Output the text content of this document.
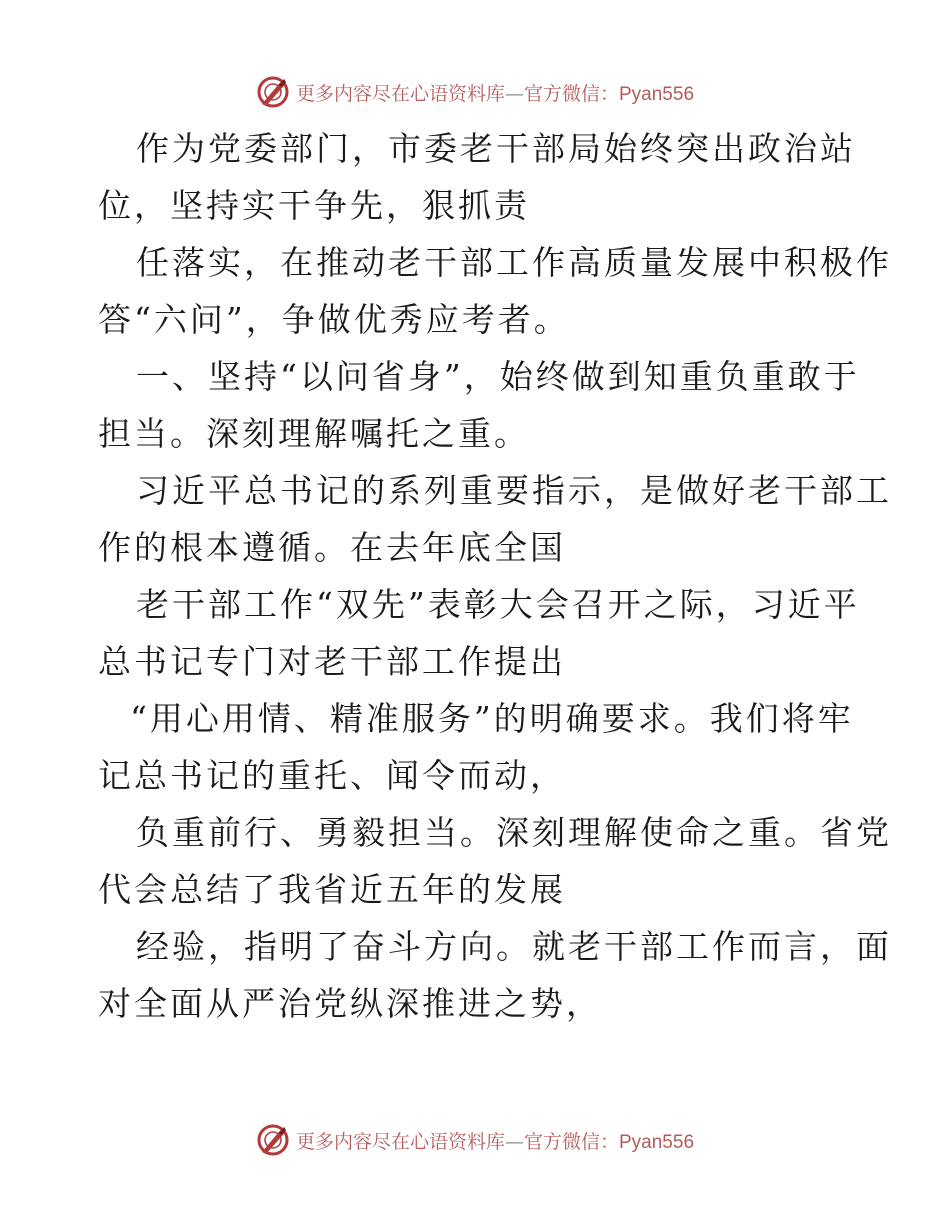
更多内容尽在心语资料库—官方微信：Pyan556
作为党委部门，市委老干部局始终突出政治站
位，坚持实干争先，狠抓责
任落实，在推动老干部工作高质量发展中积极作
答“六问”，争做优秀应考者。
一、坚持“以问省身”，始终做到知重负重敢于
担当。深刻理解嘱托之重。
习近平总书记的系列重要指示，是做好老干部工
作的根本遵循。在去年底全国
老干部工作“双先”表彰大会召开之际，习近平
总书记专门对老干部工作提出
“用心用情、精准服务”的明确要求。我们将牢
记总书记的重托、闻令而动，
负重前行、勇毅担当。深刻理解使命之重。省党
代会总结了我省近五年的发展
经验，指明了奋斗方向。就老干部工作而言，面
对全面从严治党纵深推进之势，
更多内容尽在心语资料库—官方微信：Pyan556
